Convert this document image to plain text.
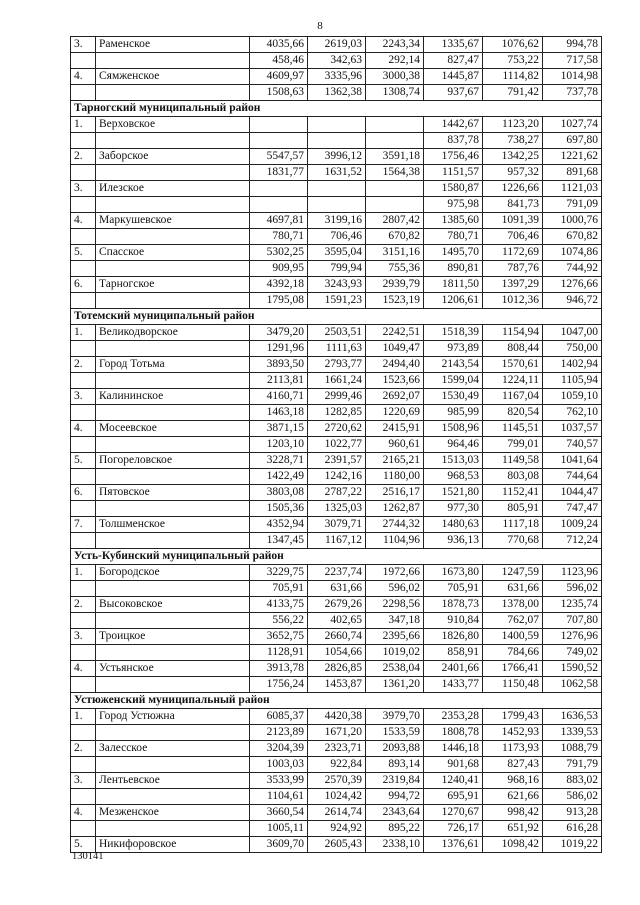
8
3.	Раменское	4035,66	2619,03	2243,34	1335,67	1076,62	994,78
		458,46	342,63	292,14	827,47	753,22	717,58
4.	Сямженское	4609,97	3335,96	3000,38	1445,87	1114,82	1014,98
		1508,63	1362,38	1308,74	937,67	791,42	737,78
Тарногский муниципальный район							
1.	Верховское				1442,67	1123,20	1027,74
					837,78	738,27	697,80
2.	Заборское	5547,57	3996,12	3591,18	1756,46	1342,25	1221,62
		1831,77	1631,52	1564,38	1151,57	957,32	891,68
3.	Илезское				1580,87	1226,66	1121,03
					975,98	841,73	791,09
4.	Маркушевское	4697,81	3199,16	2807,42	1385,60	1091,39	1000,76
		780,71	706,46	670,82	780,71	706,46	670,82
5.	Спасское	5302,25	3595,04	3151,16	1495,70	1172,69	1074,86
		909,95	799,94	755,36	890,81	787,76	744,92
6.	Тарногское	4392,18	3243,93	2939,79	1811,50	1397,29	1276,66
		1795,08	1591,23	1523,19	1206,61	1012,36	946,72
Тотемский муниципальный район							
1.	Великодворское	3479,20	2503,51	2242,51	1518,39	1154,94	1047,00
		1291,96	1111,63	1049,47	973,89	808,44	750,00
2.	Город Тотьма	3893,50	2793,77	2494,40	2143,54	1570,61	1402,94
		2113,81	1661,24	1523,66	1599,04	1224,11	1105,94
3.	Калининское	4160,71	2999,46	2692,07	1530,49	1167,04	1059,10
		1463,18	1282,85	1220,69	985,99	820,54	762,10
4.	Мосеевское	3871,15	2720,62	2415,91	1508,96	1145,51	1037,57
		1203,10	1022,77	960,61	964,46	799,01	740,57
5.	Погореловское	3228,71	2391,57	2165,21	1513,03	1149,58	1041,64
		1422,49	1242,16	1180,00	968,53	803,08	744,64
6.	Пятовское	3803,08	2787,22	2516,17	1521,80	1152,41	1044,47
		1505,36	1325,03	1262,87	977,30	805,91	747,47
7.	Толшменское	4352,94	3079,71	2744,32	1480,63	1117,18	1009,24
		1347,45	1167,12	1104,96	936,13	770,68	712,24
Усть-Кубинский муниципальный район							
1.	Богородское	3229,75	2237,74	1972,66	1673,80	1247,59	1123,96
		705,91	631,66	596,02	705,91	631,66	596,02
2.	Высоковское	4133,75	2679,26	2298,56	1878,73	1378,00	1235,74
		556,22	402,65	347,18	910,84	762,07	707,80
3.	Троицкое	3652,75	2660,74	2395,66	1826,80	1400,59	1276,96
		1128,91	1054,66	1019,02	858,91	784,66	749,02
4.	Устьянское	3913,78	2826,85	2538,04	2401,66	1766,41	1590,52
		1756,24	1453,87	1361,20	1433,77	1150,48	1062,58
Устюженский муниципальный район							
1.	Город Устюжна	6085,37	4420,38	3979,70	2353,28	1799,43	1636,53
		2123,89	1671,20	1533,59	1808,78	1452,93	1339,53
2.	Залесское	3204,39	2323,71	2093,88	1446,18	1173,93	1088,79
		1003,03	922,84	893,14	901,68	827,43	791,79
3.	Лентьевское	3533,99	2570,39	2319,84	1240,41	968,16	883,02
		1104,61	1024,42	994,72	695,91	621,66	586,02
4.	Мезженское	3660,54	2614,74	2343,64	1270,67	998,42	913,28
		1005,11	924,92	895,22	726,17	651,92	616,28
5.	Никифоровское	3609,70	2605,43	2338,10	1376,61	1098,42	1019,22
130141
